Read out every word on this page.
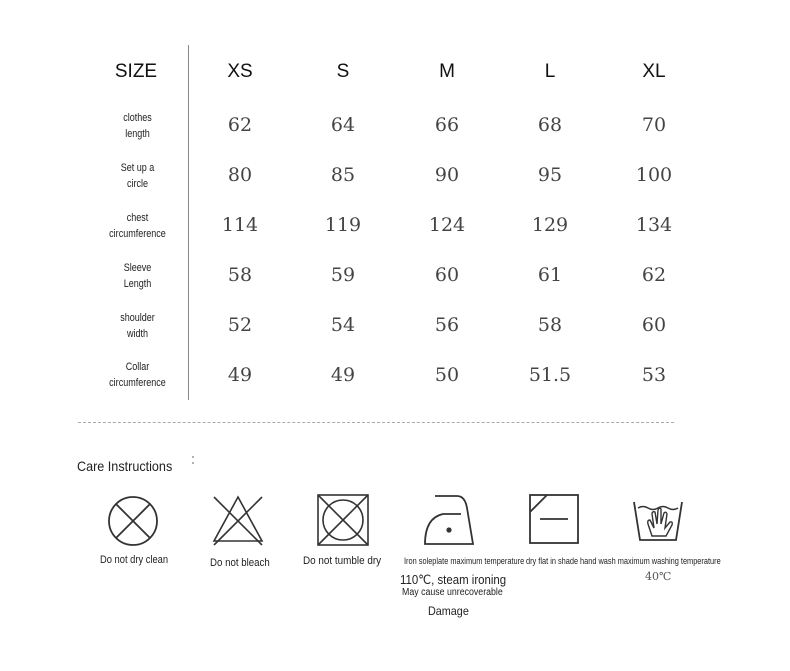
SIZE	XS	S	M	L	XL
clothes
length	62	64	66	68	70
Set up a
circle	80	85	90	95	100
chest
circumference	114	119	124	129	134
Sleeve
Length	58	59	60	61	62
shoulder
width	52	54	56	58	60
Collar
circumference	49	49	50	51.5	53
Care Instructions
Do not dry clean	Do not bleach	Do not tumble dry	Iron soleplate maximum temperature
110℃, steam ironing
May cause unrecoverable
Damage
dry flat in shade hand wash maximum washing temperature
40℃
